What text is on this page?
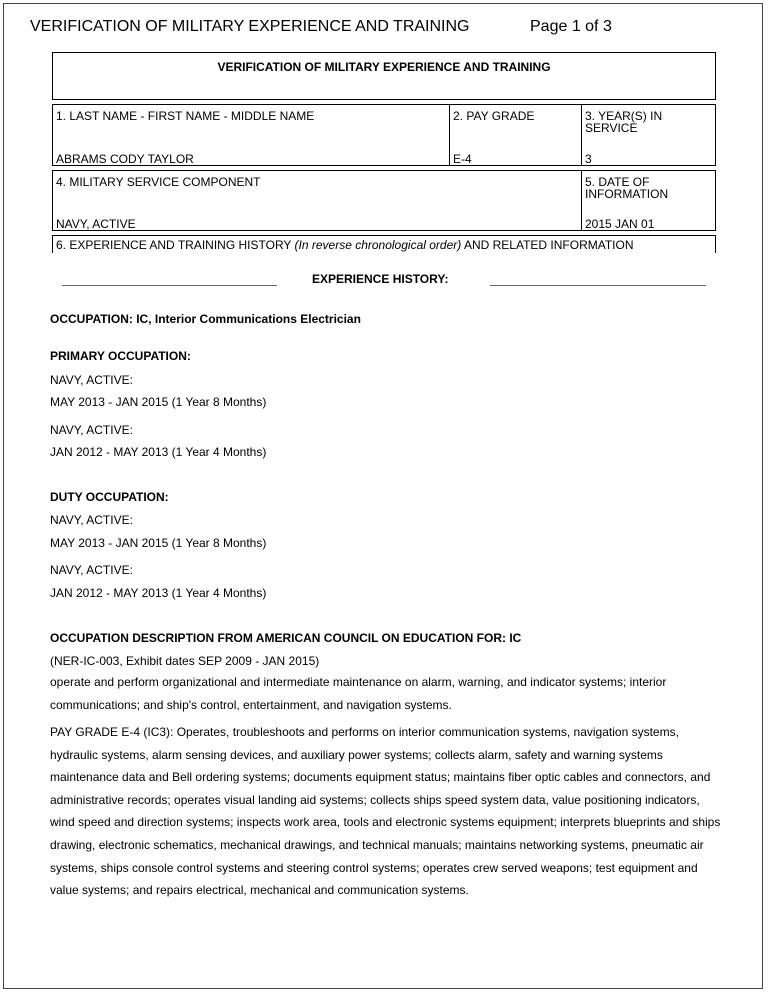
VERIFICATION OF MILITARY EXPERIENCE AND TRAINING	Page 1 of 3
VERIFICATION OF MILITARY EXPERIENCE AND TRAINING
1. LAST NAME - FIRST NAME - MIDDLE NAME
ABRAMS CODY TAYLOR
2. PAY GRADE
E-4
3. YEAR(S) IN
SERVICE
3
4. MILITARY SERVICE COMPONENT
NAVY, ACTIVE
5. DATE OF
INFORMATION
2015 JAN 01
6. EXPERIENCE AND TRAINING HISTORY (In reverse chronological order) AND RELATED INFORMATION
EXPERIENCE HISTORY:
OCCUPATION: IC, Interior Communications Electrician
PRIMARY OCCUPATION:
NAVY, ACTIVE:
MAY 2013 - JAN 2015 (1 Year 8 Months)
NAVY, ACTIVE:
JAN 2012 - MAY 2013 (1 Year 4 Months)
DUTY OCCUPATION:
NAVY, ACTIVE:
MAY 2013 - JAN 2015 (1 Year 8 Months)
NAVY, ACTIVE:
JAN 2012 - MAY 2013 (1 Year 4 Months)
OCCUPATION DESCRIPTION FROM AMERICAN COUNCIL ON EDUCATION FOR: IC
(NER-IC-003, Exhibit dates SEP 2009 - JAN 2015)
operate and perform organizational and intermediate maintenance on alarm, warning, and indicator systems; interior communications; and ship's control, entertainment, and navigation systems.
PAY GRADE E-4 (IC3): Operates, troubleshoots and performs on interior communication systems, navigation systems, hydraulic systems, alarm sensing devices, and auxiliary power systems; collects alarm, safety and warning systems maintenance data and Bell ordering systems; documents equipment status; maintains fiber optic cables and connectors, and administrative records; operates visual landing aid systems; collects ships speed system data, value positioning indicators, wind speed and direction systems; inspects work area, tools and electronic systems equipment; interprets blueprints and ships drawing, electronic schematics, mechanical drawings, and technical manuals; maintains networking systems, pneumatic air systems, ships console control systems and steering control systems; operates crew served weapons; test equipment and value systems; and repairs electrical, mechanical and communication systems.
